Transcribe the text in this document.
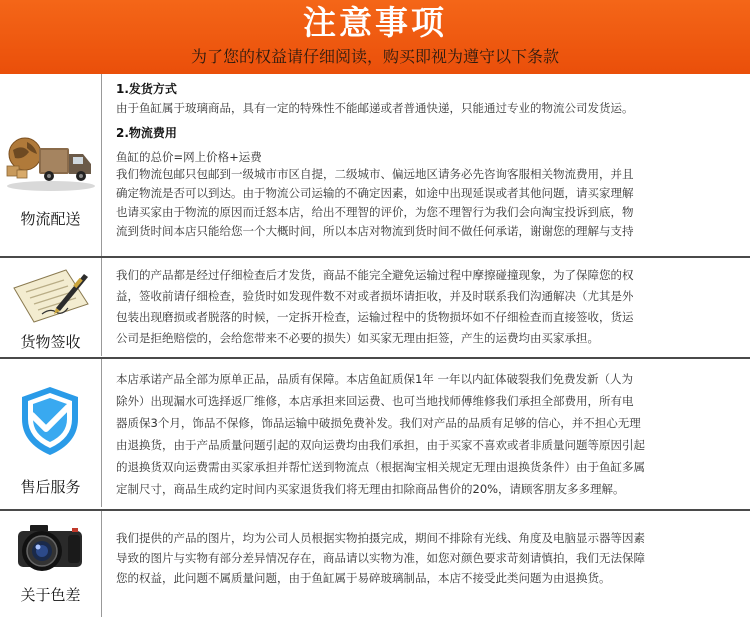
注意事项
为了您的权益请仔细阅读，购买即视为遵守以下条款
物流配送

1.发货方式

由于鱼缸属于玻璃商品，具有一定的特殊性不能邮递或者普通快递，只能通过专业的物流公司发货运。

2.物流费用

鱼缸的总价=网上价格+运费

我们物流包邮只包邮到一级城市市区自提，二级城市、偏远地区请务必先咨询客服相关物流费用，并且

确定物流是否可以到达。由于物流公司运输的不确定因素，如途中出现延误或者其他问题，请买家理解

也请买家由于物流的原因而迁怒本店，给出不理智的评价，为您不理智行为我们会向淘宝投诉到底，物

流到货时间本店只能给您一个大概时间，所以本店对物流到货时间不做任何承诺，谢谢您的理解与支持

货物签收

我们的产品都是经过仔细检查后才发货，商品不能完全避免运输过程中摩擦碰撞现象，为了保障您的权

益，签收前请仔细检查，验货时如发现件数不对或者损坏请拒收，并及时联系我们沟通解决（尤其是外

包装出现磨损或者脱落的时候，一定拆开检查，运输过程中的货物损坏如不仔细检查而直接签收，货运

公司是拒绝赔偿的，会给您带来不必要的损失）如买家无理由拒签，产生的运费均由买家承担。

售后服务

本店承诺产品全部为原单正品，品质有保障。本店鱼缸质保1年 一年以内缸体破裂我们免费发新（人为

除外）出现漏水可选择返厂维修，本店承担来回运费、也可当地找师傅维修我们承担全部费用，所有电

器质保3个月，饰品不保修，饰品运输中破损免费补发。我们对产品的品质有足够的信心，并不担心无理

由退换货，由于产品质量问题引起的双向运费均由我们承担，由于买家不喜欢或者非质量问题等原因引起

的退换货双向运费需由买家承担并帮忙送到物流点（根据淘宝相关规定无理由退换货条件）由于鱼缸多属

定制尺寸，商品生成约定时间内买家退货我们将无理由扣除商品售价的20%，请顾客朋友多多理解。

关于色差

我们提供的产品的图片，均为公司人员根据实物拍摄完成，期间不排除有光线、角度及电脑显示器等因素

导致的图片与实物有部分差异情况存在，商品请以实物为准，如您对颜色要求苛刻请慎拍，我们无法保障

您的权益，此问题不属质量问题，由于鱼缸属于易碎玻璃制品，本店不接受此类问题为由退换货。
